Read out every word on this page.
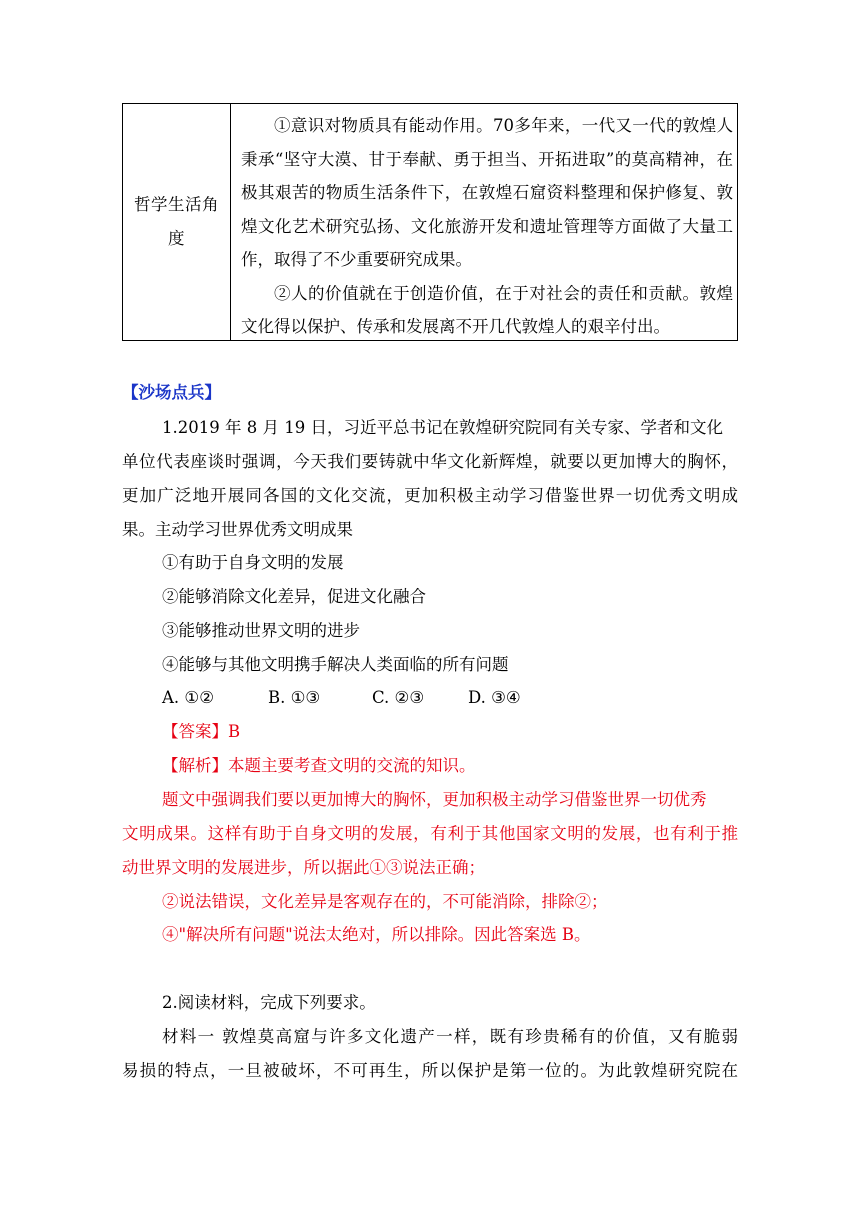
哲学生活角度

①意识对物质具有能动作用。70多年来，一代又一代的敦煌人秉承“坚守大漠、甘于奉献、勇于担当、开拓进取”的莫高精神，在极其艰苦的物质生活条件下，在敦煌石窟资料整理和保护修复、敦煌文化艺术研究弘扬、文化旅游开发和遗址管理等方面做了大量工作，取得了不少重要研究成果。

②人的价值就在于创造价值，在于对社会的责任和贡献。敦煌文化得以保护、传承和发展离不开几代敦煌人的艰辛付出。

【沙场点兵】
1.2019 年 8 月 19 日，习近平总书记在敦煌研究院同有关专家、学者和文化
单位代表座谈时强调，今天我们要铸就中华文化新辉煌，就要以更加博大的胸怀，
更加广泛地开展同各国的文化交流，更加积极主动学习借鉴世界一切优秀文明成
果。主动学习世界优秀文明成果
①有助于自身文明的发展
②能够消除文化差异，促进文化融合
③能够推动世界文明的进步
④能够与其他文明携手解决人类面临的所有问题
A. ①②	B. ①③	C. ②③	D. ③④
【答案】B
【解析】本题主要考查文明的交流的知识。
题文中强调我们要以更加博大的胸怀，更加积极主动学习借鉴世界一切优秀
文明成果。这样有助于自身文明的发展，有利于其他国家文明的发展，也有利于推
动世界文明的发展进步，所以据此①③说法正确；
②说法错误，文化差异是客观存在的，不可能消除，排除②；
④"解决所有问题"说法太绝对，所以排除。因此答案选 B。
2.阅读材料，完成下列要求。
材料一 敦煌莫高窟与许多文化遗产一样，既有珍贵稀有的价值，又有脆弱
易损的特点，一旦被破坏，不可再生，所以保护是第一位的。为此敦煌研究院在
